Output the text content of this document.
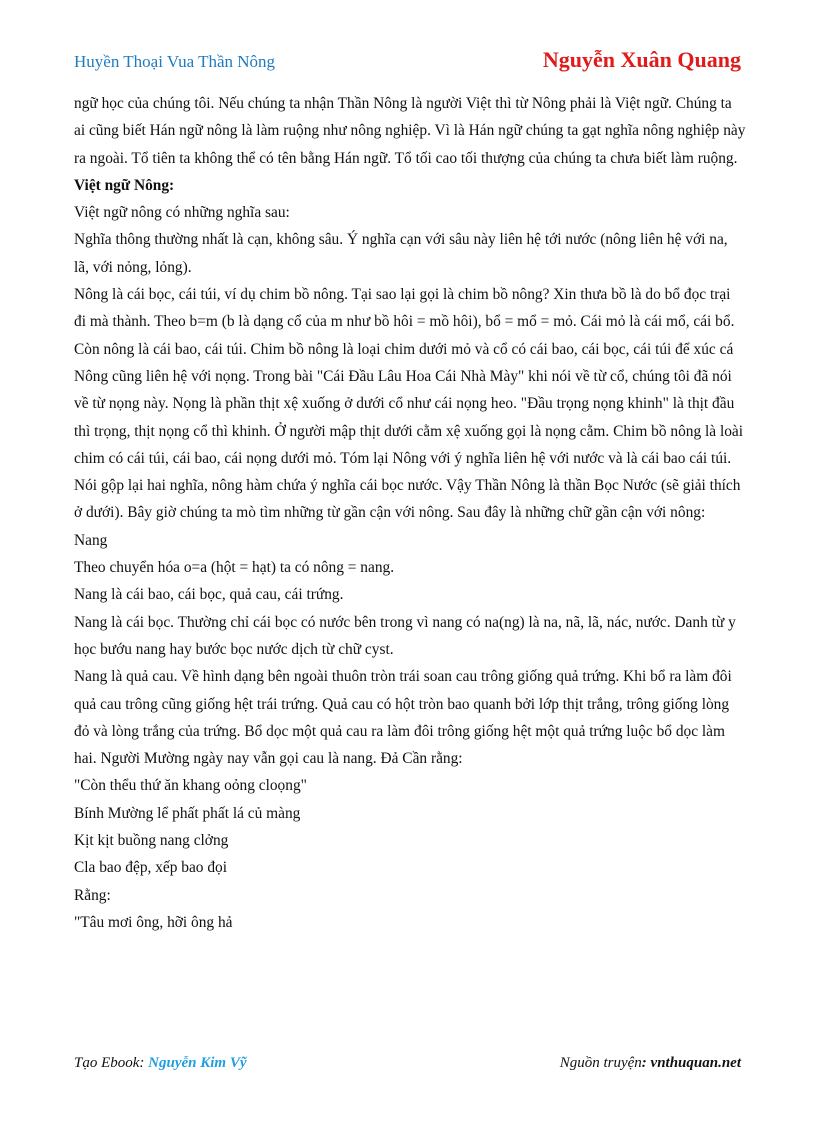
Huyền Thoại Vua Thần Nông	Nguyễn Xuân Quang

ngữ học của chúng tôi. Nếu chúng ta nhận Thần Nông là người Việt thì từ Nông phải là Việt ngữ. Chúng ta ai cũng biết Hán ngữ nông là làm ruộng như nông nghiệp. Vì là Hán ngữ chúng ta gạt nghĩa nông nghiệp này ra ngoài. Tổ tiên ta không thể có tên bằng Hán ngữ. Tổ tối cao tối thượng của chúng ta chưa biết làm ruộng.

Việt ngữ Nông:

Việt ngữ nông có những nghĩa sau:

Nghĩa thông thường nhất là cạn, không sâu. Ý nghĩa cạn với sâu này liên hệ tới nước (nông liên hệ với na, lã, với nỏng, lỏng).

Nông là cái bọc, cái túi, ví dụ chim bồ nông. Tại sao lại gọi là chim bồ nông? Xin thưa bồ là do bổ đọc trại đi mà thành. Theo b=m (b là dạng cổ của m như bồ hôi = mồ hôi), bổ = mổ = mỏ. Cái mỏ là cái mổ, cái bổ. Còn nông là cái bao, cái túi. Chim bồ nông là loại chim dưới mỏ và cổ có cái bao, cái bọc, cái túi để xúc cá

Nông cũng liên hệ với nọng. Trong bài "Cái Đầu Lâu Hoa Cái Nhà Mày" khi nói về từ cổ, chúng tôi đã nói về từ nọng này. Nọng là phần thịt xệ xuống ở dưới cổ như cái nọng heo. "Đầu trọng nọng khinh" là thịt đầu thì trọng, thịt nọng cổ thì khinh. Ở người mập thịt dưới cằm xệ xuống gọi là nọng cằm. Chim bồ nông là loài chim có cái túi, cái bao, cái nọng dưới mỏ. Tóm lại Nông với ý nghĩa liên hệ với nước và là cái bao cái túi. Nói gộp lại hai nghĩa, nông hàm chứa ý nghĩa cái bọc nước. Vậy Thần Nông là thần Bọc Nước (sẽ giải thích ở dưới). Bây giờ chúng ta mò tìm những từ gần cận với nông. Sau đây là những chữ gần cận với nông:

Nang

Theo chuyển hóa o=a (hột = hạt) ta có nông = nang.

Nang là cái bao, cái bọc, quả cau, cái trứng.

Nang là cái bọc. Thường chỉ cái bọc có nước bên trong vì nang có na(ng) là na, nã, lã, nác, nước. Danh từ y học bướu nang hay bước bọc nước dịch từ chữ cyst.

Nang là quả cau. Về hình dạng bên ngoài thuôn tròn trái soan cau trông giống quả trứng. Khi bổ ra làm đôi quả cau trông cũng giống hệt trái trứng. Quả cau có hột tròn bao quanh bởi lớp thịt trắng, trông giống lòng đỏ và lòng trắng của trứng. Bổ dọc một quả cau ra làm đôi trông giống hệt một quả trứng luộc bổ dọc làm hai. Người Mường ngày nay vẫn gọi cau là nang. Đả Cần rằng:

"Còn thểu thứ ăn khang oỏng cloọng"

Bính Mường lể phất phất lá củ màng

Kịt kịt buồng nang clởng

Cla bao đệp, xếp bao đọi

Rằng:

"Tâu mơi ông, hỡi ông hả

Tạo Ebook: Nguyễn Kim Vỹ	Nguồn truyện: vnthuquan.net
